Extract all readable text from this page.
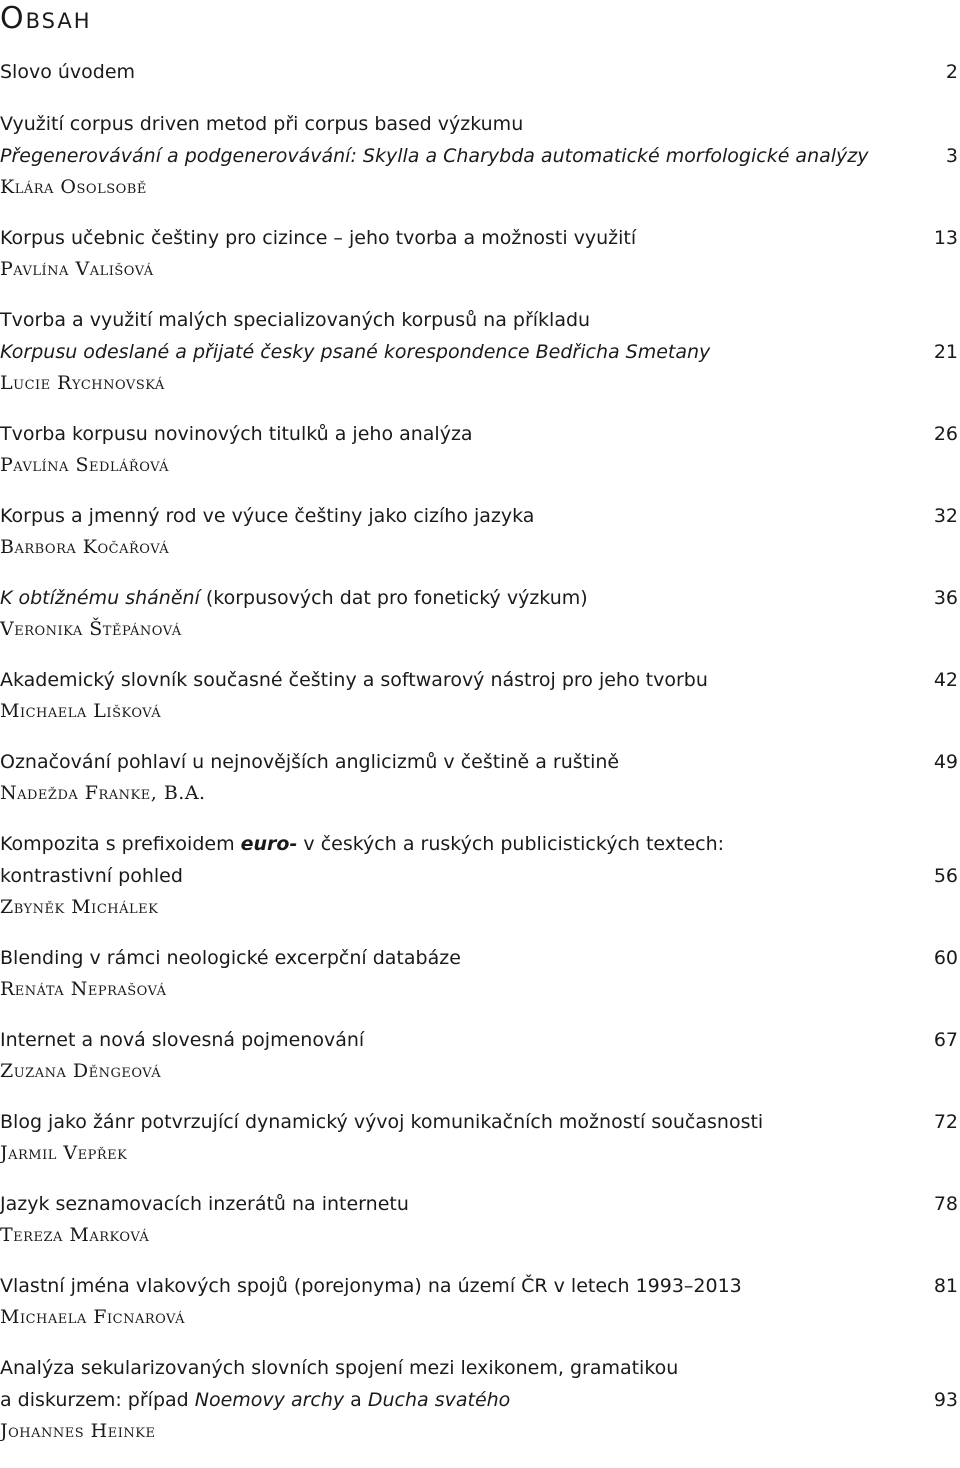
Obsah
Slovo úvodem	2
Využití corpus driven metod při corpus based výzkumu
Přegenerovávání a podgenerovávání: Skylla a Charybda automatické morfologické analýzy	3
Klára Osolsobě
Korpus učebnic češtiny pro cizince – jeho tvorba a možnosti využití	13
Pavlína Vališová
Tvorba a využití malých specializovaných korpusů na příkladu
Korpusu odeslané a přijaté česky psané korespondence Bedřicha Smetany	21
Lucie Rychnovská
Tvorba korpusu novinových titulků a jeho analýza	26
Pavlína Sedlářová
Korpus a jmenný rod ve výuce češtiny jako cizího jazyka	32
Barbora Kočařová
K obtížnému shánění (korpusových dat pro fonetický výzkum)	36
Veronika Štěpánová
Akademický slovník současné češtiny a softwarový nástroj pro jeho tvorbu	42
Michaela Lišková
Označování pohlaví u nejnovějších anglicizmů v češtině a ruštině	49
Nadežda Franke, B.A.
Kompozita s prefixoidem euro- v českých a ruských publicistických textech:
kontrastivní pohled	56
Zbyněk Michálek
Blending v rámci neologické excerpční databáze	60
Renáta Neprašová
Internet a nová slovesná pojmenování	67
Zuzana Děngeová
Blog jako žánr potvrzující dynamický vývoj komunikačních možností současnosti	72
Jarmil Vepřek
Jazyk seznamovacích inzerátů na internetu	78
Tereza Marková
Vlastní jména vlakových spojů (porejonyma) na území ČR v letech 1993–2013	81
Michaela Ficnarová
Analýza sekularizovaných slovních spojení mezi lexikonem, gramatikou
a diskurzem: případ Noemovy archy a Ducha svatého	93
Johannes Heinke
